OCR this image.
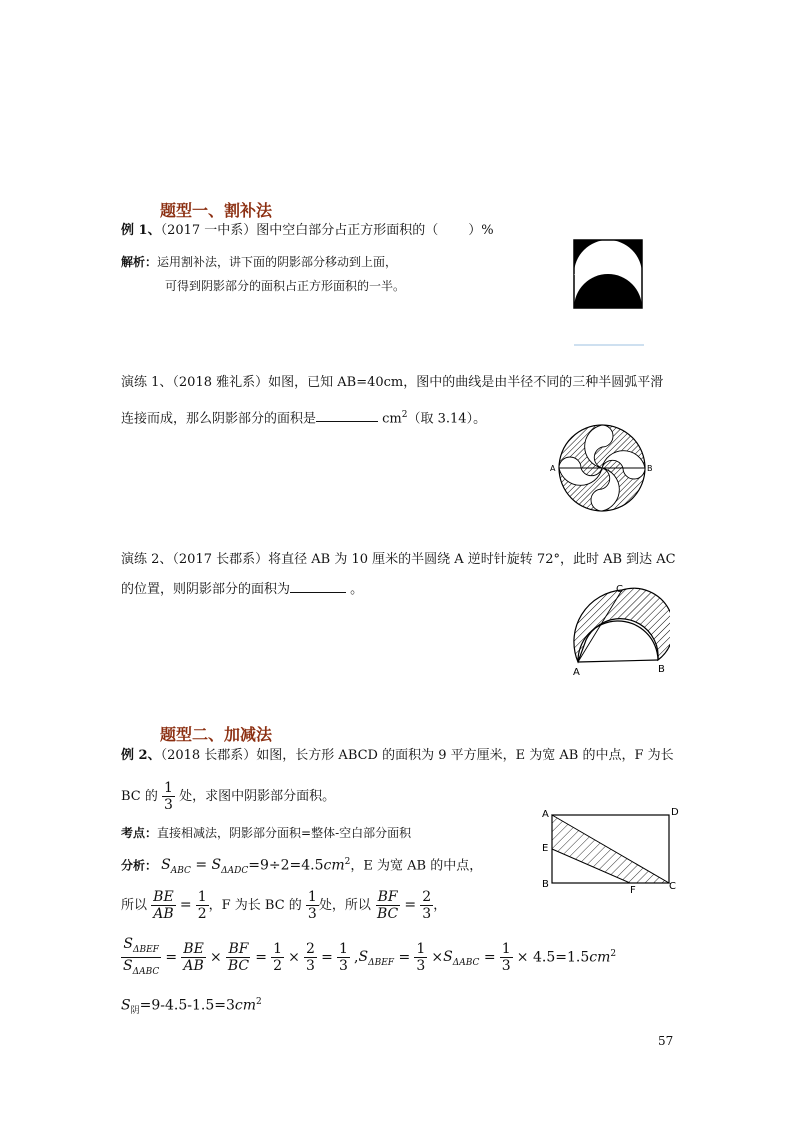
题型一、割补法
例 1、（2017 一中系）图中空白部分占正方形面积的（ ）%
解析：运用割补法，讲下面的阴影部分移动到上面，
可得到阴影部分的面积占正方形面积的一半。
演练 1、（2018 雅礼系）如图，已知 AB=40cm，图中的曲线是由半径不同的三种半圆弧平滑
连接而成，那么阴影部分的面积是	$cm^2$（取 3.14）。
A	B
演练 2、（2017 长郡系）将直径 AB 为 10 厘米的半圆绕 A 逆时针旋转 72°，此时 AB 到达 AC
的位置，则阴影部分的面积为	。
A	B
C
题型二、加减法
例 2、（2018 长郡系）如图，长方形 ABCD 的面积为 9 平方厘米，E 为宽 AB 的中点，F 为长
BC 的 $\frac{1}{3}$ 处，求图中阴影部分面积。
考点：直接相减法，阴影部分面积=整体-空白部分面积
分析： $S_{ABC} = S_{\Delta ADC}=9\div 2=4.5cm^2$，E 为宽 AB 的中点，
所以 $\frac{BE}{AB} = \frac{1}{2}$ ，F 为长 BC 的 $\frac{1}{3}$ 处，所以 $\frac{BF}{BC} = \frac{2}{3}$ ，
$\frac{S_{\Delta BEF}}{S_{\Delta ABC}} = \frac{BE}{AB} \times \frac{BF}{BC} = \frac{1}{2} \times \frac{2}{3} = \frac{1}{3} ,S_{\Delta BEF} = \frac{1}{3} \times S_{\Delta ABC} = \frac{1}{3} \times 4.5=1.5cm^2$
$S_阴=9-4.5-1.5=3cm^2$
A	D
E
B
F	C
57
